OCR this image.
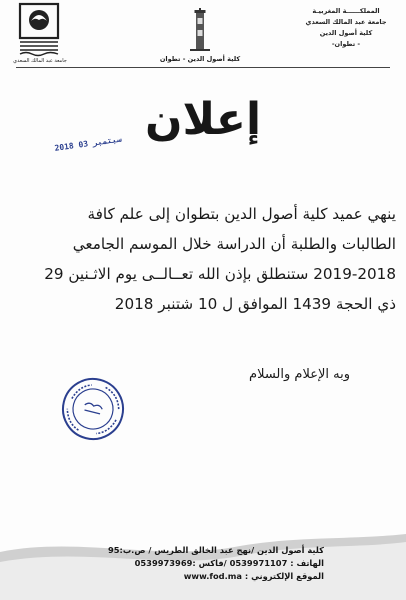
جامعة عبد المالك السعدي	كلية أصول الدين - تطوان
المملكــــــة المغربيـة
جامعة عبد المالك السعدي
كلية أصول الدين
- تطوان-
إعلان
2018 سبتمبر 03
ينهي عميد كلية أصول الدين بتطوان إلى علم كافة
الطالبات والطلبة أن الدراسة خلال الموسم الجامعي
2019-2018 ستنطلق بإذن الله تعــالــى يوم الاثـنين 29
ذي الحجة 1439 الموافق ل 10 شتنبر 2018
وبه الإعلام والسلام
كلية أصول الدين /نهج عبد الخالق الطريس / ص.ب:95
الهاتف : 0539971107 /فاكس :0539973969
الموقع الإلكتروني : www.fod.ma
